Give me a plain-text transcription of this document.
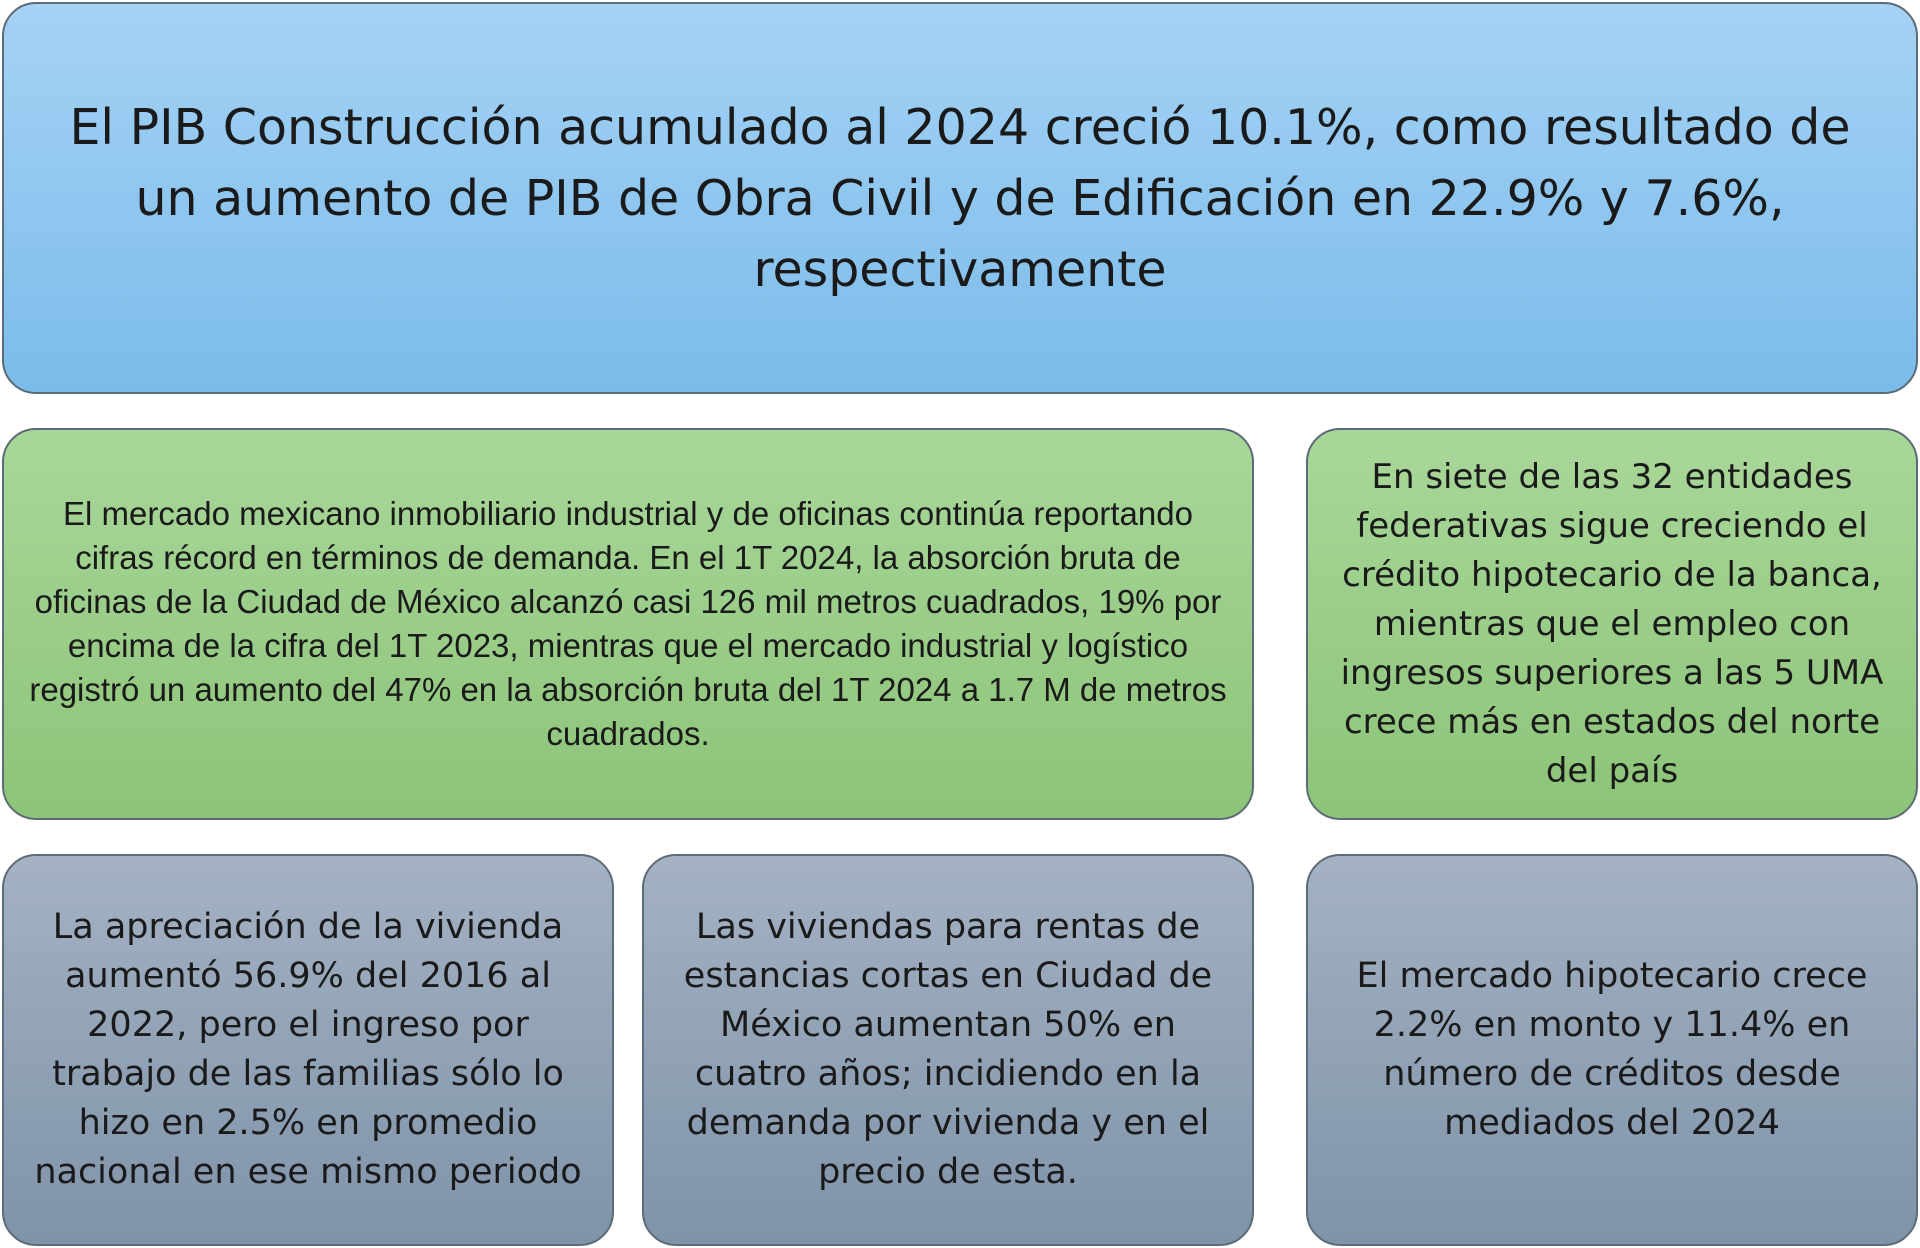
El PIB Construcción acumulado al 2024 creció 10.1%, como resultado de un aumento de PIB de Obra Civil y de Edificación en 22.9% y 7.6%, respectivamente
El mercado mexicano inmobiliario industrial y de oficinas continúa reportando cifras récord en términos de demanda. En el 1T 2024, la absorción bruta de oficinas de la Ciudad de México alcanzó casi 126 mil metros cuadrados, 19% por encima de la cifra del 1T 2023, mientras que el mercado industrial y logístico registró un aumento del 47% en la absorción bruta del 1T 2024 a 1.7 M de metros cuadrados.
En siete de las 32 entidades federativas sigue creciendo el crédito hipotecario de la banca, mientras que el empleo con ingresos superiores a las 5 UMA crece más en estados del norte del país
La apreciación de la vivienda aumentó 56.9% del 2016 al 2022, pero el ingreso por trabajo de las familias sólo lo hizo en 2.5% en promedio nacional en ese mismo periodo
Las viviendas para rentas de estancias cortas en Ciudad de México aumentan 50% en cuatro años; incidiendo en la demanda por vivienda y en el precio de esta.
El mercado hipotecario crece 2.2% en monto y 11.4% en número de créditos desde mediados del 2024
